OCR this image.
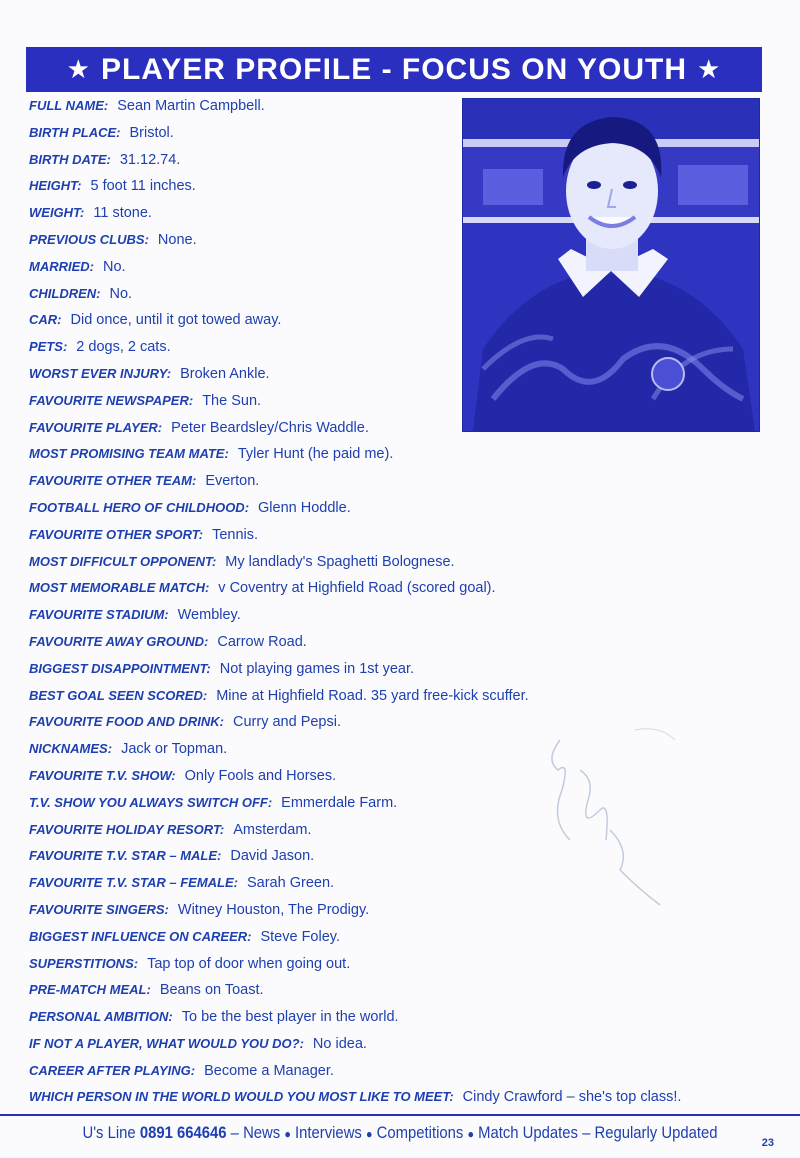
★ PLAYER PROFILE - FOCUS ON YOUTH ★
FULL NAME: Sean Martin Campbell.
BIRTH PLACE: Bristol.
BIRTH DATE: 31.12.74.
HEIGHT: 5 foot 11 inches.
WEIGHT: 11 stone.
PREVIOUS CLUBS: None.
MARRIED: No.
CHILDREN: No.
CAR: Did once, until it got towed away.
PETS: 2 dogs, 2 cats.
WORST EVER INJURY: Broken Ankle.
FAVOURITE NEWSPAPER: The Sun.
FAVOURITE PLAYER: Peter Beardsley/Chris Waddle.
MOST PROMISING TEAM MATE: Tyler Hunt (he paid me).
FAVOURITE OTHER TEAM: Everton.
FOOTBALL HERO OF CHILDHOOD: Glenn Hoddle.
FAVOURITE OTHER SPORT: Tennis.
MOST DIFFICULT OPPONENT: My landlady's Spaghetti Bolognese.
MOST MEMORABLE MATCH: v Coventry at Highfield Road (scored goal).
FAVOURITE STADIUM: Wembley.
FAVOURITE AWAY GROUND: Carrow Road.
BIGGEST DISAPPOINTMENT: Not playing games in 1st year.
BEST GOAL SEEN SCORED: Mine at Highfield Road. 35 yard free-kick scuffer.
FAVOURITE FOOD AND DRINK: Curry and Pepsi.
NICKNAMES: Jack or Topman.
FAVOURITE T.V. SHOW: Only Fools and Horses.
T.V. SHOW YOU ALWAYS SWITCH OFF: Emmerdale Farm.
FAVOURITE HOLIDAY RESORT: Amsterdam.
FAVOURITE T.V. STAR – MALE: David Jason.
FAVOURITE T.V. STAR – FEMALE: Sarah Green.
FAVOURITE SINGERS: Witney Houston, The Prodigy.
BIGGEST INFLUENCE ON CAREER: Steve Foley.
SUPERSTITIONS: Tap top of door when going out.
PRE-MATCH MEAL: Beans on Toast.
PERSONAL AMBITION: To be the best player in the world.
IF NOT A PLAYER, WHAT WOULD YOU DO?: No idea.
CAREER AFTER PLAYING: Become a Manager.
WHICH PERSON IN THE WORLD WOULD YOU MOST LIKE TO MEET: Cindy Crawford – she's top class!.
U's Line 0891 664646 – News ● Interviews ● Competitions ● Match Updates – Regularly Updated
23
